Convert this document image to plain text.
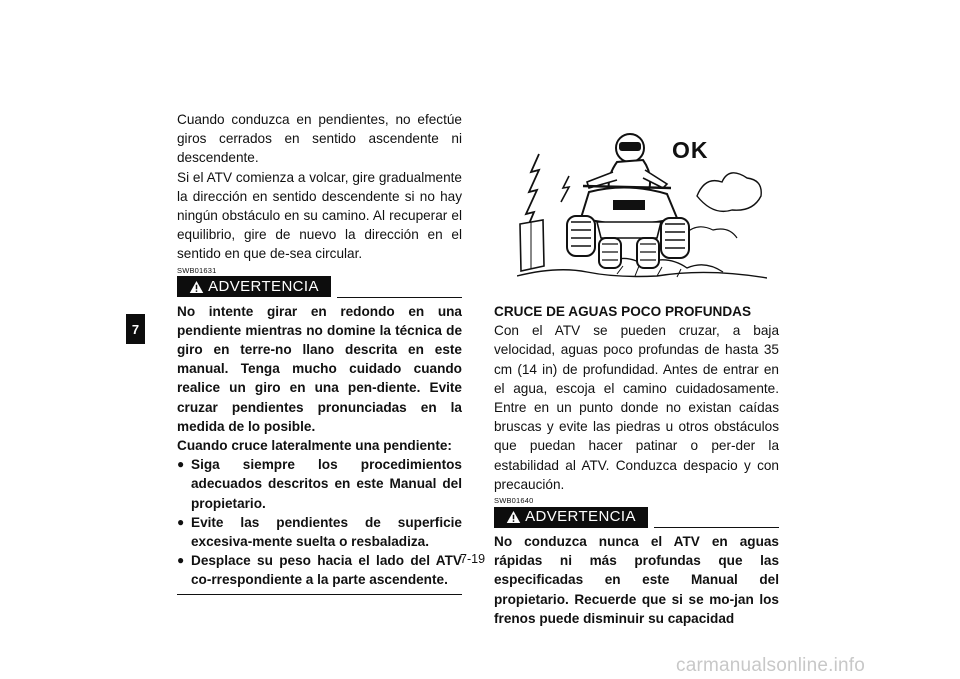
7

Cuando conduzca en pendientes, no efectúe giros cerrados en sentido ascendente ni descendente.

Si el ATV comienza a volcar, gire gradualmente la dirección en sentido descendente si no hay ningún obstáculo en su camino. Al recuperar el equilibrio, gire de nuevo la dirección en el sentido en que de-sea circular.

SWB01631
ADVERTENCIA

No intente girar en redondo en una pendiente mientras no domine la técnica de giro en terre-no llano descrita en este manual. Tenga mucho cuidado cuando realice un giro en una pen-diente. Evite cruzar pendientes pronunciadas en la medida de lo posible.

Cuando cruce lateralmente una pendiente:

● Siga siempre los procedimientos adecuados descritos en este Manual del propietario.
● Evite las pendientes de superficie excesiva-mente suelta o resbaladiza.
● Desplace su peso hacia el lado del ATV co-rrespondiente a la parte ascendente.
OK

CRUCE DE AGUAS POCO PROFUNDAS

Con el ATV se pueden cruzar, a baja velocidad, aguas poco profundas de hasta 35 cm (14 in) de profundidad. Antes de entrar en el agua, escoja el camino cuidadosamente. Entre en un punto donde no existan caídas bruscas y evite las piedras u otros obstáculos que puedan hacer patinar o per-der la estabilidad al ATV. Conduzca despacio y con precaución.

SWB01640
ADVERTENCIA

No conduzca nunca el ATV en aguas rápidas ni más profundas que las especificadas en este Manual del propietario. Recuerde que si se mo-jan los frenos puede disminuir su capacidad

7-19
carmanualsonline.info
